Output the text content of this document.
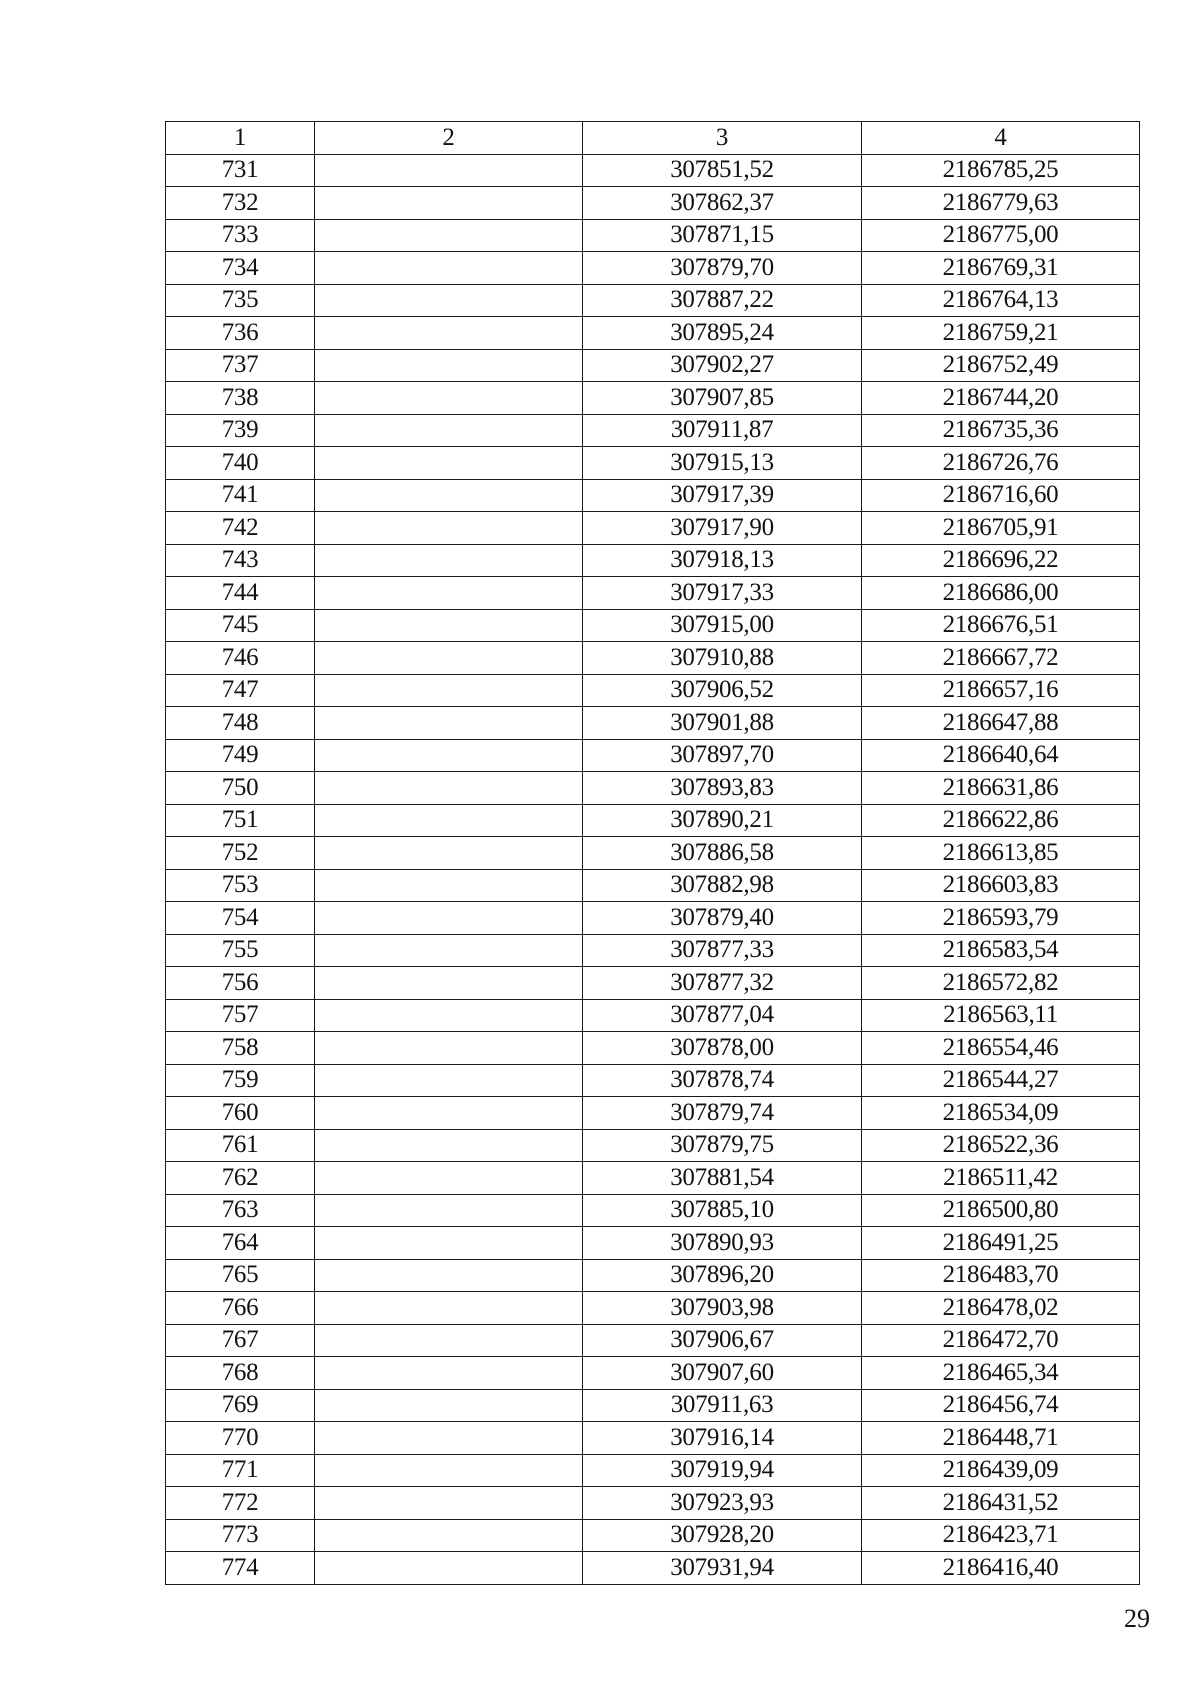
1	2	3	4
731		307851,52	2186785,25
732		307862,37	2186779,63
733		307871,15	2186775,00
734		307879,70	2186769,31
735		307887,22	2186764,13
736		307895,24	2186759,21
737		307902,27	2186752,49
738		307907,85	2186744,20
739		307911,87	2186735,36
740		307915,13	2186726,76
741		307917,39	2186716,60
742		307917,90	2186705,91
743		307918,13	2186696,22
744		307917,33	2186686,00
745		307915,00	2186676,51
746		307910,88	2186667,72
747		307906,52	2186657,16
748		307901,88	2186647,88
749		307897,70	2186640,64
750		307893,83	2186631,86
751		307890,21	2186622,86
752		307886,58	2186613,85
753		307882,98	2186603,83
754		307879,40	2186593,79
755		307877,33	2186583,54
756		307877,32	2186572,82
757		307877,04	2186563,11
758		307878,00	2186554,46
759		307878,74	2186544,27
760		307879,74	2186534,09
761		307879,75	2186522,36
762		307881,54	2186511,42
763		307885,10	2186500,80
764		307890,93	2186491,25
765		307896,20	2186483,70
766		307903,98	2186478,02
767		307906,67	2186472,70
768		307907,60	2186465,34
769		307911,63	2186456,74
770		307916,14	2186448,71
771		307919,94	2186439,09
772		307923,93	2186431,52
773		307928,20	2186423,71
774		307931,94	2186416,40
29
